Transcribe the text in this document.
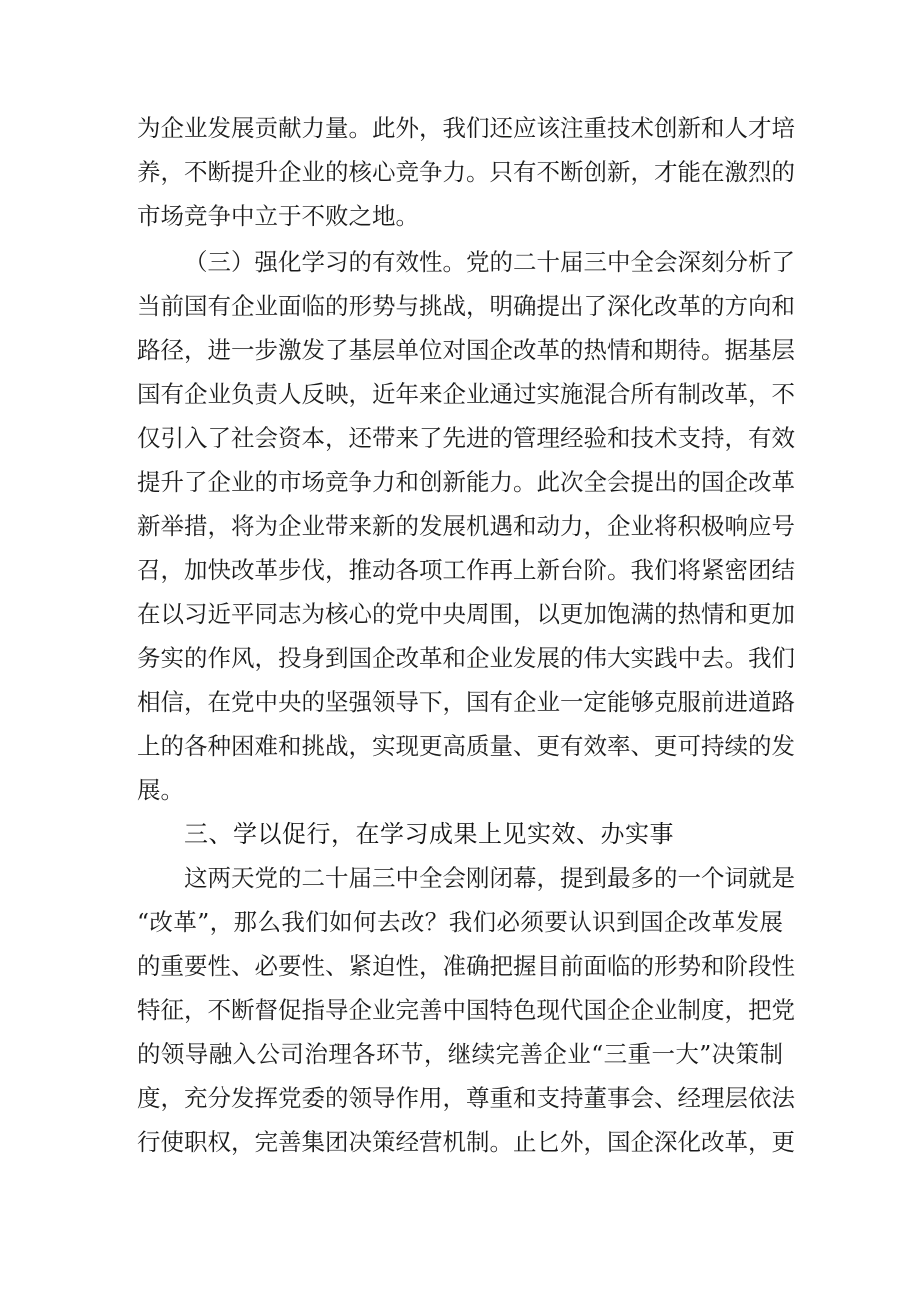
为企业发展贡献力量。此外，我们还应该注重技术创新和人才培
养，不断提升企业的核心竞争力。只有不断创新，才能在激烈的
市场竞争中立于不败之地。
（三）强化学习的有效性。党的二十届三中全会深刻分析了
当前国有企业面临的形势与挑战，明确提出了深化改革的方向和
路径，进一步激发了基层单位对国企改革的热情和期待。据基层
国有企业负责人反映，近年来企业通过实施混合所有制改革，不
仅引入了社会资本，还带来了先进的管理经验和技术支持，有效
提升了企业的市场竞争力和创新能力。此次全会提出的国企改革
新举措，将为企业带来新的发展机遇和动力，企业将积极响应号
召，加快改革步伐，推动各项工作再上新台阶。我们将紧密团结
在以习近平同志为核心的党中央周围，以更加饱满的热情和更加
务实的作风，投身到国企改革和企业发展的伟大实践中去。我们
相信，在党中央的坚强领导下，国有企业一定能够克服前进道路
上的各种困难和挑战，实现更高质量、更有效率、更可持续的发
展。
三、学以促行，在学习成果上见实效、办实事
这两天党的二十届三中全会刚闭幕，提到最多的一个词就是
“改革”，那么我们如何去改？我们必须要认识到国企改革发展
的重要性、必要性、紧迫性，准确把握目前面临的形势和阶段性
特征，不断督促指导企业完善中国特色现代国企企业制度，把党
的领导融入公司治理各环节，继续完善企业“三重一大”决策制
度，充分发挥党委的领导作用，尊重和支持董事会、经理层依法
行使职权，完善集团决策经营机制。止匕外，国企深化改革，更
